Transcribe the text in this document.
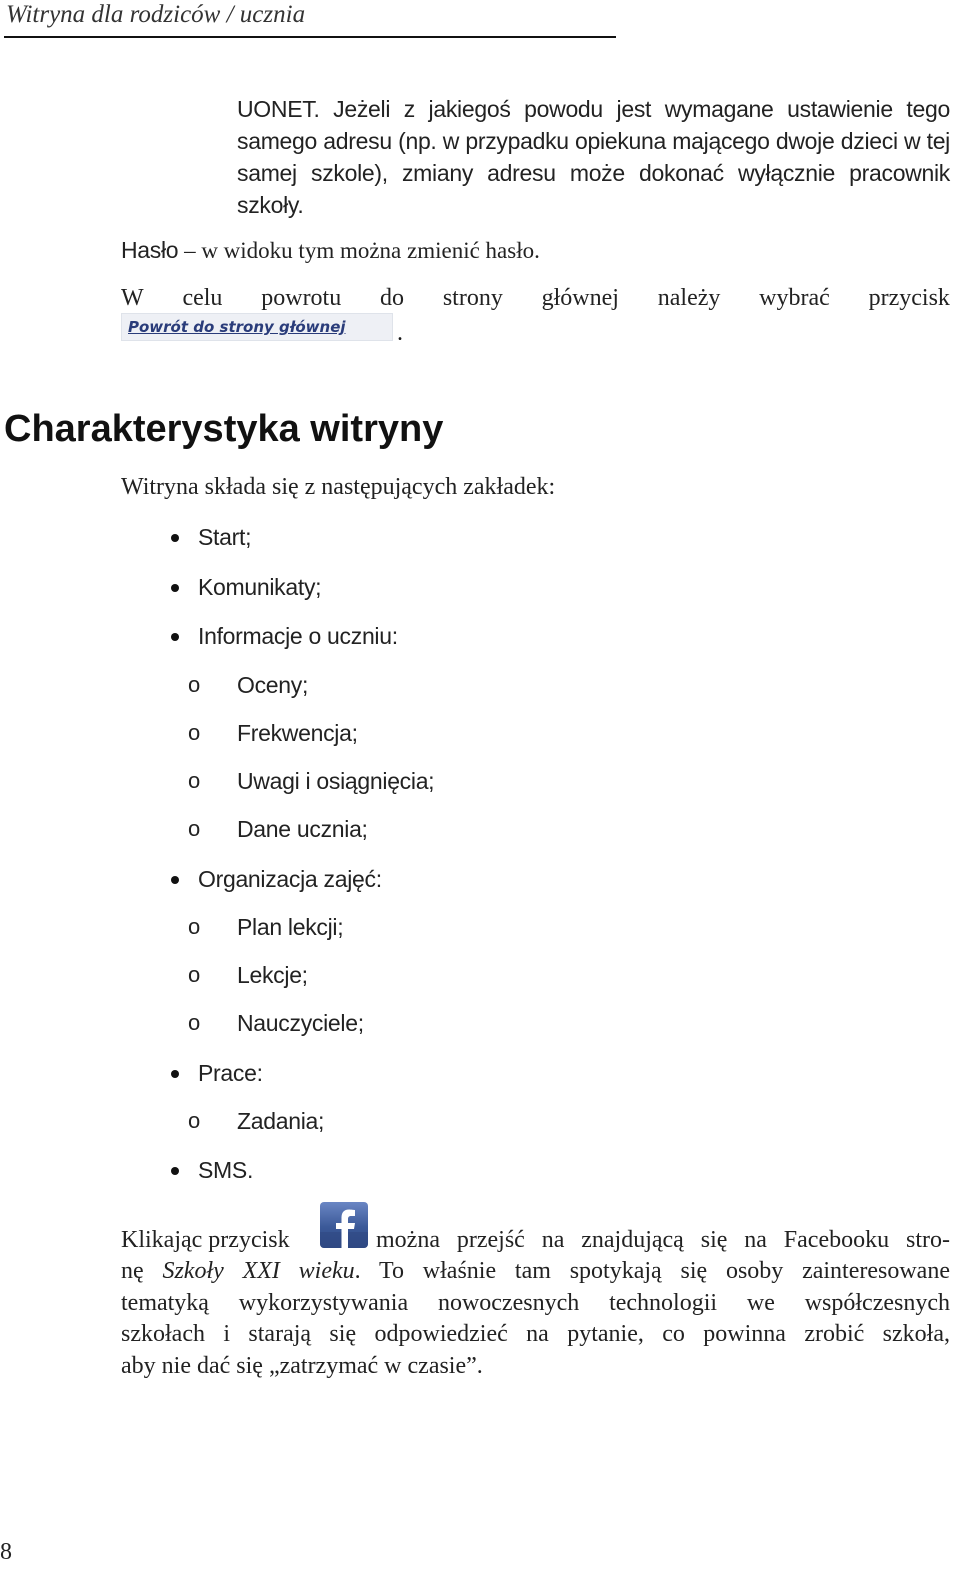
Witryna dla rodziców / ucznia
UONET. Jeżeli z jakiegoś powodu jest wymagane ustawienie tego samego adresu (np. w przypadku opiekuna mającego dwoje dzieci w tej samej szkole), zmiany adresu może dokonać wyłącznie pracownik szkoły.
Hasło – w widoku tym można zmienić hasło.
W celu powrotu do strony głównej należy wybrać przycisk
Powrót do strony głównej	.
Charakterystyka witryny
Witryna składa się z następujących zakładek:
Start;
Komunikaty;
Informacje o uczniu:
o Oceny;
o Frekwencja;
o Uwagi i osiągnięcia;
o Dane ucznia;
Organizacja zajęć:
o Plan lekcji;
o Lekcje;
o Nauczyciele;
Prace:
o Zadania;
SMS.
Klikając przycisk	można przejść na znajdującą się na Facebooku stro-

nę Szkoły XXI wieku. To właśnie tam spotykają się osoby zainteresowane

tematyką wykorzystywania nowoczesnych technologii we współczesnych

szkołach i starają się odpowiedzieć na pytanie, co powinna zrobić szkoła,

aby nie dać się „zatrzymać w czasie”.

8
